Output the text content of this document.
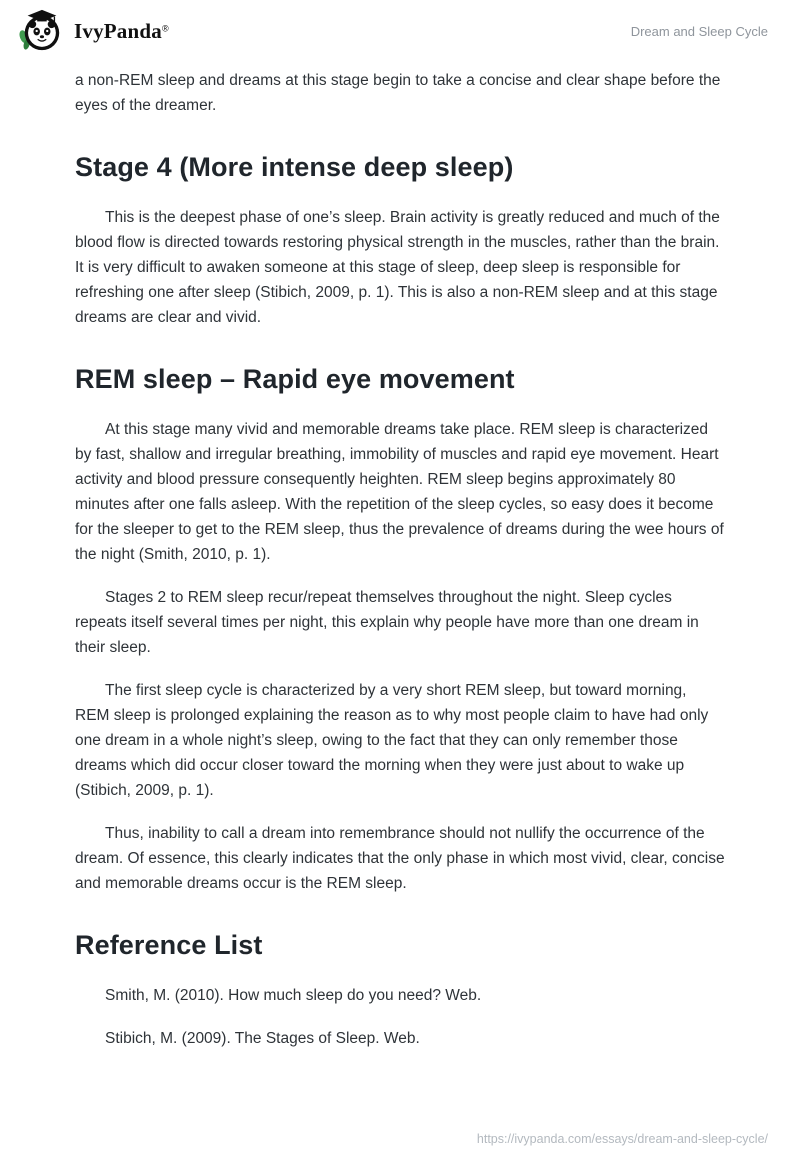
IvyPanda®	Dream and Sleep Cycle

a non-REM sleep and dreams at this stage begin to take a concise and clear shape before the eyes of the dreamer.

Stage 4 (More intense deep sleep)

This is the deepest phase of one’s sleep. Brain activity is greatly reduced and much of the blood flow is directed towards restoring physical strength in the muscles, rather than the brain. It is very difficult to awaken someone at this stage of sleep, deep sleep is responsible for refreshing one after sleep (Stibich, 2009, p. 1). This is also a non-REM sleep and at this stage dreams are clear and vivid.

REM sleep – Rapid eye movement

At this stage many vivid and memorable dreams take place. REM sleep is characterized by fast, shallow and irregular breathing, immobility of muscles and rapid eye movement. Heart activity and blood pressure consequently heighten. REM sleep begins approximately 80 minutes after one falls asleep. With the repetition of the sleep cycles, so easy does it become for the sleeper to get to the REM sleep, thus the prevalence of dreams during the wee hours of the night (Smith, 2010, p. 1).

Stages 2 to REM sleep recur/repeat themselves throughout the night. Sleep cycles repeats itself several times per night, this explain why people have more than one dream in their sleep.

The first sleep cycle is characterized by a very short REM sleep, but toward morning, REM sleep is prolonged explaining the reason as to why most people claim to have had only one dream in a whole night’s sleep, owing to the fact that they can only remember those dreams which did occur closer toward the morning when they were just about to wake up (Stibich, 2009, p. 1).

Thus, inability to call a dream into remembrance should not nullify the occurrence of the dream. Of essence, this clearly indicates that the only phase in which most vivid, clear, concise and memorable dreams occur is the REM sleep.

Reference List

Smith, M. (2010). How much sleep do you need? Web.

Stibich, M. (2009). The Stages of Sleep. Web.

https://ivypanda.com/essays/dream-and-sleep-cycle/
